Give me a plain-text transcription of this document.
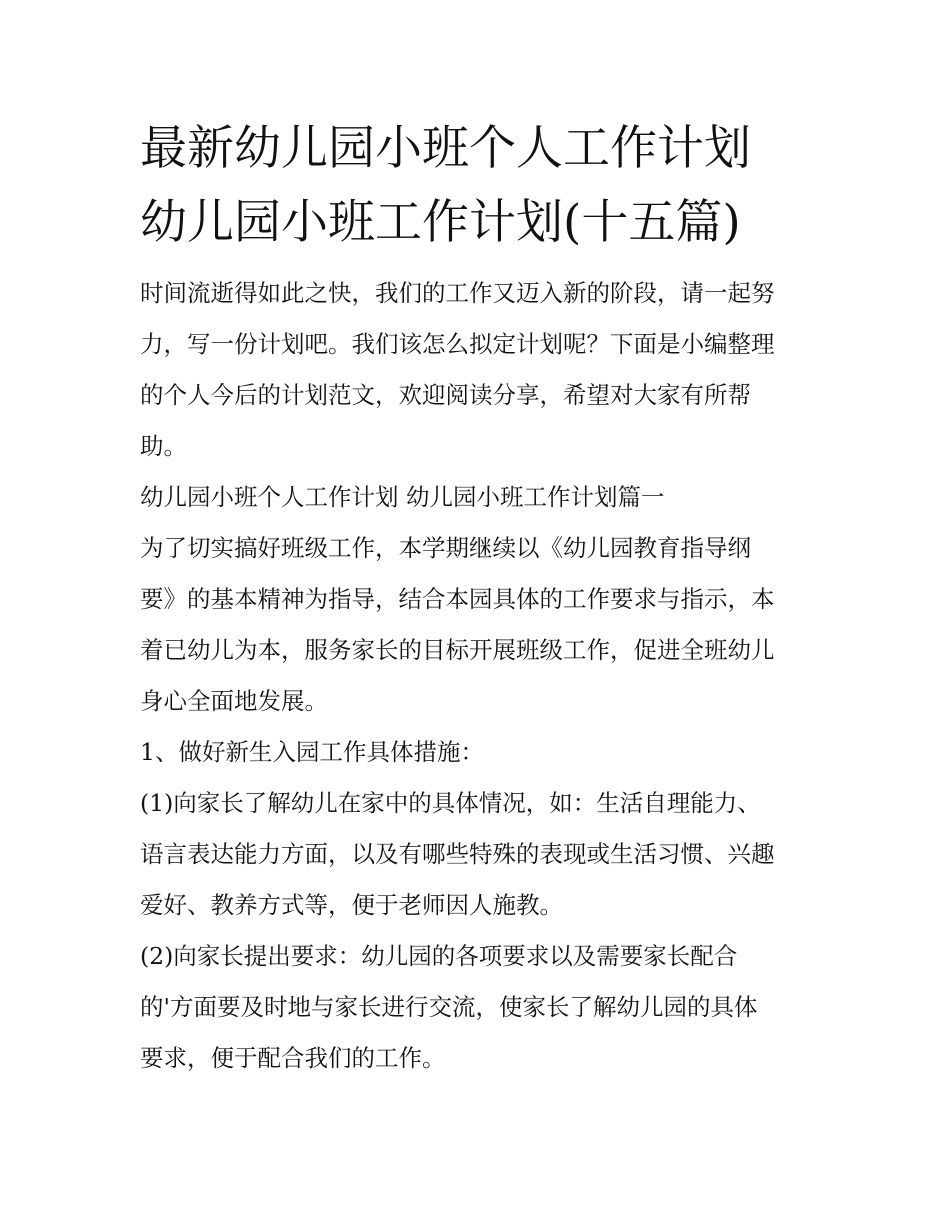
最新幼儿园小班个人工作计划
幼儿园小班工作计划(十五篇)

时间流逝得如此之快，我们的工作又迈入新的阶段，请一起努
力，写一份计划吧。我们该怎么拟定计划呢？下面是小编整理
的个人今后的计划范文，欢迎阅读分享，希望对大家有所帮
助。

幼儿园小班个人工作计划 幼儿园小班工作计划篇一

为了切实搞好班级工作，本学期继续以《幼儿园教育指导纲
要》的基本精神为指导，结合本园具体的工作要求与指示，本
着已幼儿为本，服务家长的目标开展班级工作，促进全班幼儿
身心全面地发展。

1、做好新生入园工作具体措施：

(1)向家长了解幼儿在家中的具体情况，如：生活自理能力、
语言表达能力方面，以及有哪些特殊的表现或生活习惯、兴趣
爱好、教养方式等，便于老师因人施教。

(2)向家长提出要求：幼儿园的各项要求以及需要家长配合
的'方面要及时地与家长进行交流，使家长了解幼儿园的具体
要求，便于配合我们的工作。
